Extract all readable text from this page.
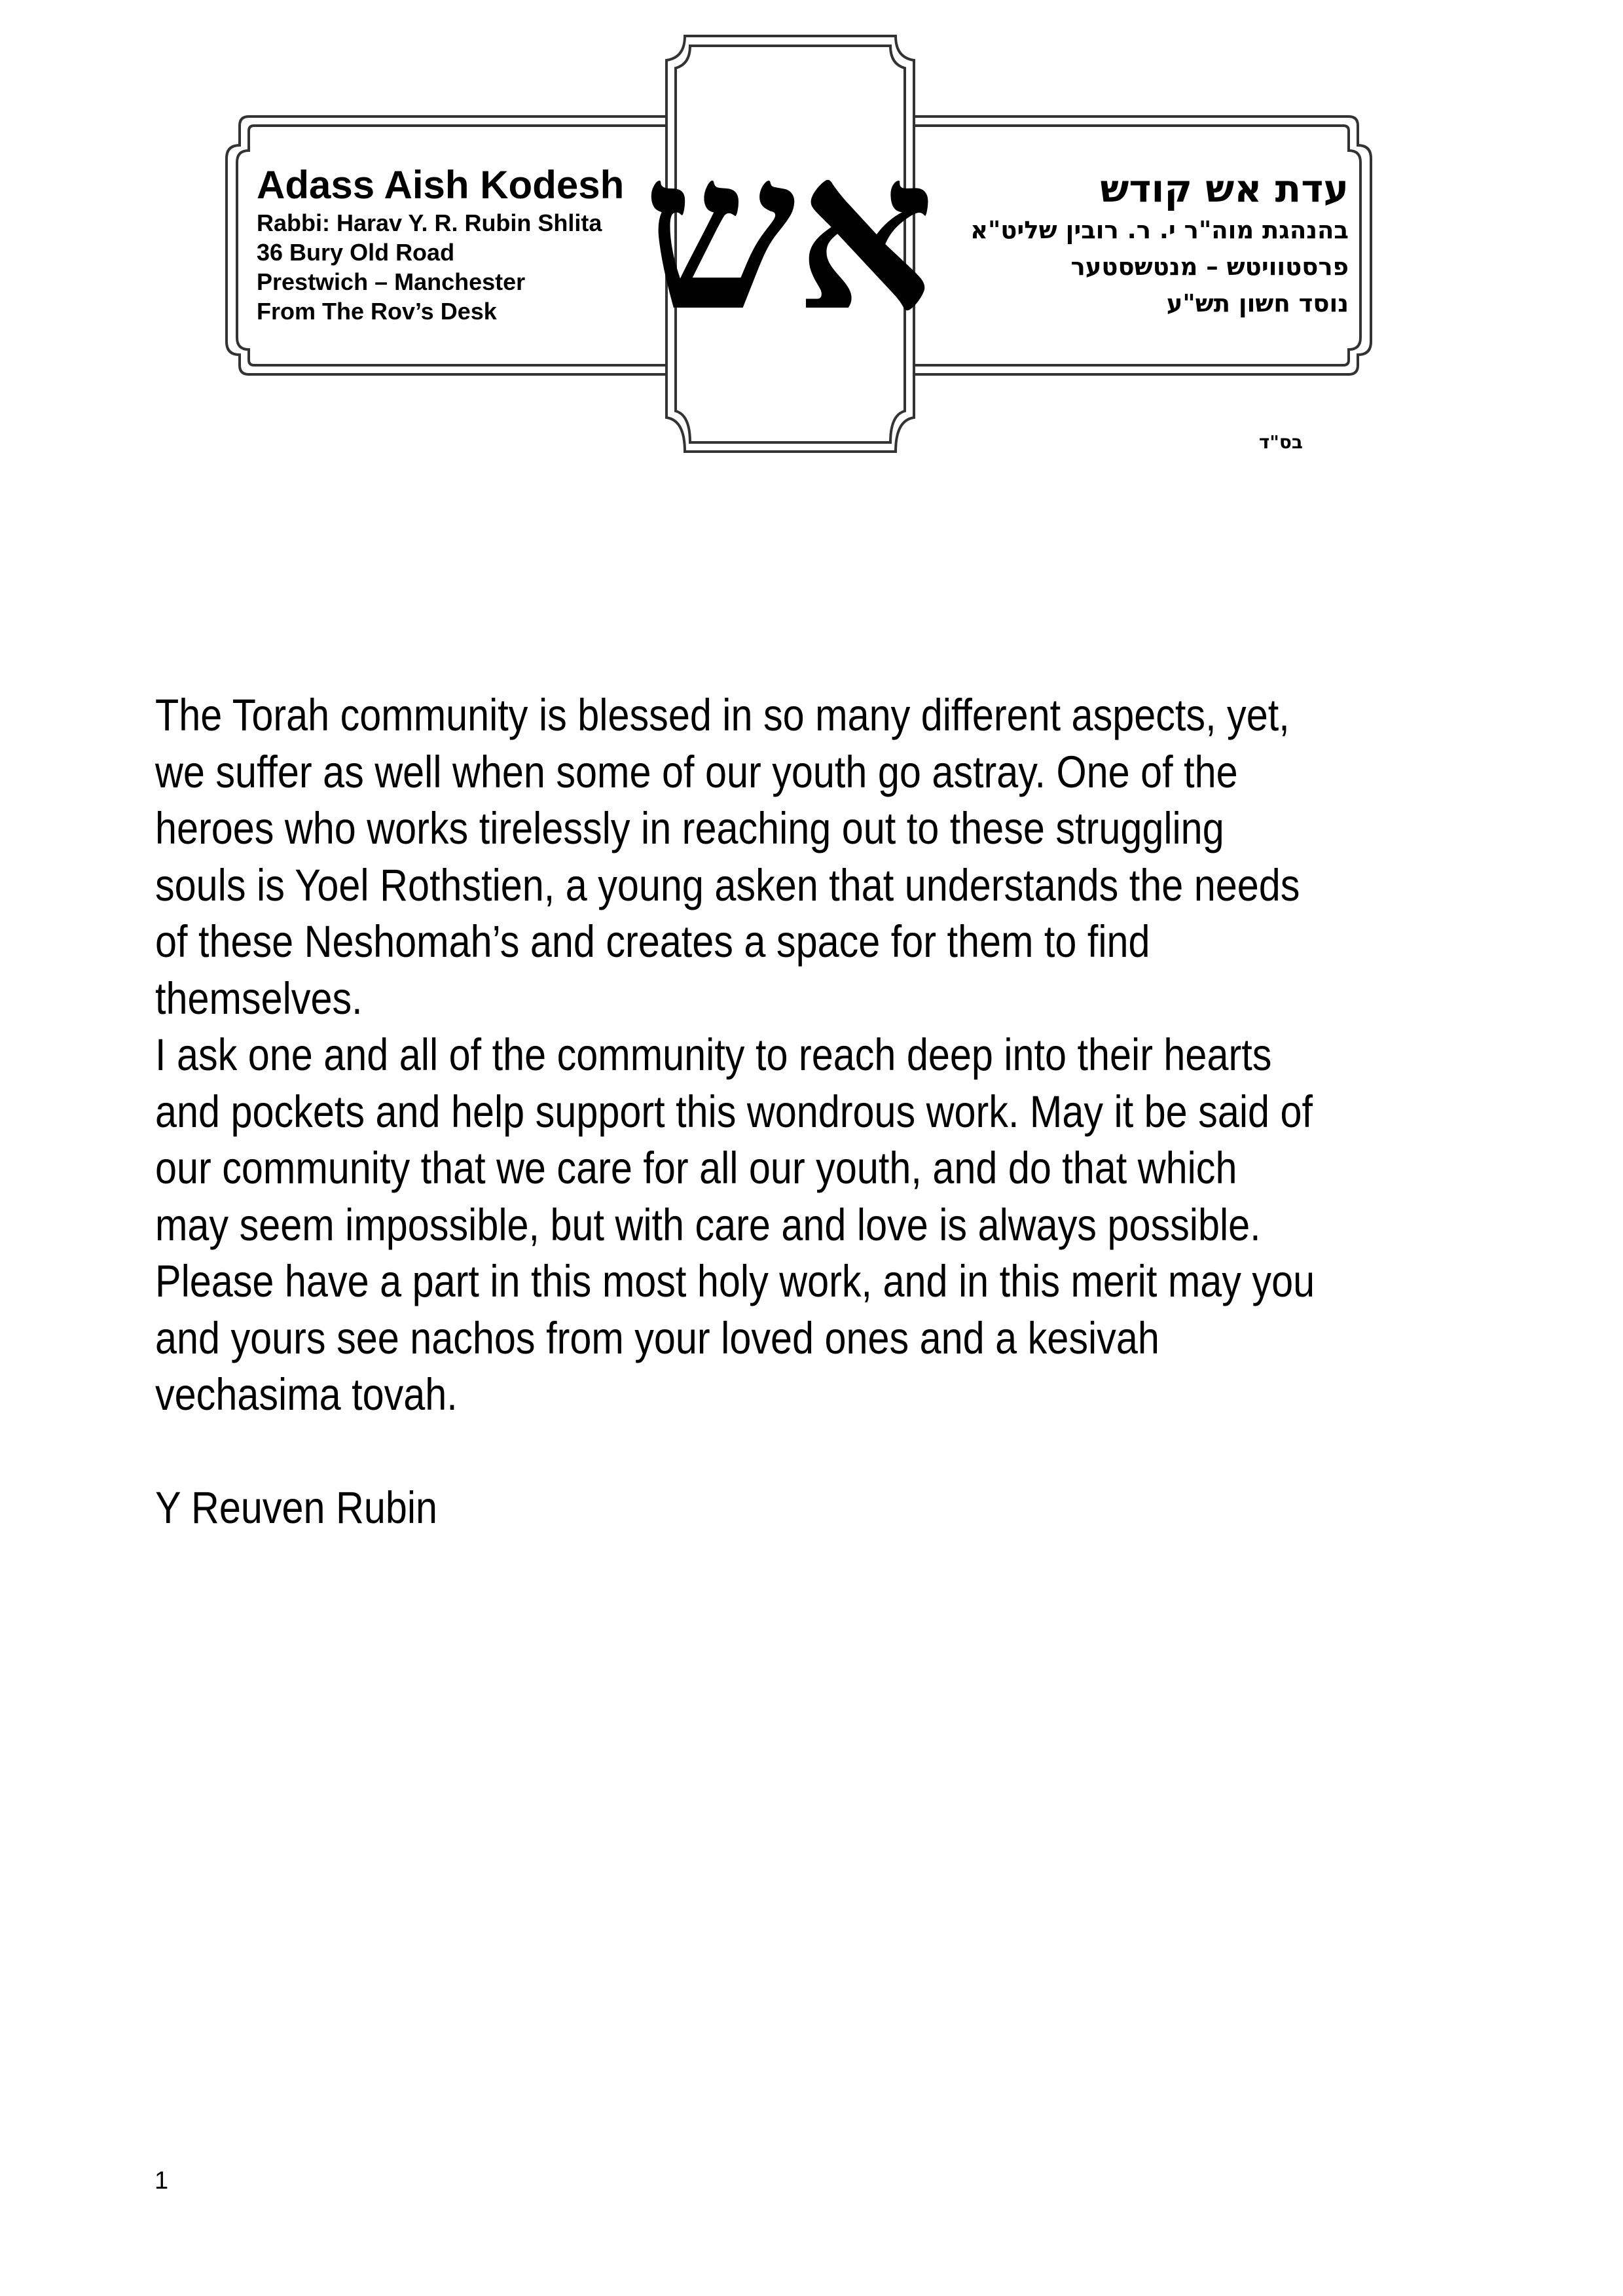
אש
Adass Aish Kodesh
Rabbi: Harav Y. R. Rubin Shlita
36 Bury Old Road
Prestwich – Manchester
From The Rov’s Desk
עדת אש קודש
בהנהגת מוה"ר י. ר. רובין שליט"א
פרסטוויטש – מנטשסטער
נוסד חשון תש"ע
בס"ד

The Torah community is blessed in so many different aspects, yet, we suffer as well when some of our youth go astray. One of the heroes who works tirelessly in reaching out to these struggling souls is Yoel Rothstien, a young asken that understands the needs of these Neshomah’s and creates a space for them to find themselves.

I ask one and all of the community to reach deep into their hearts and pockets and help support this wondrous work. May it be said of our community that we care for all our youth, and do that which may seem impossible, but with care and love is always possible. Please have a part in this most holy work, and in this merit may you and yours see nachos from your loved ones and a kesivah vechasima tovah.

Y Reuven Rubin

1
